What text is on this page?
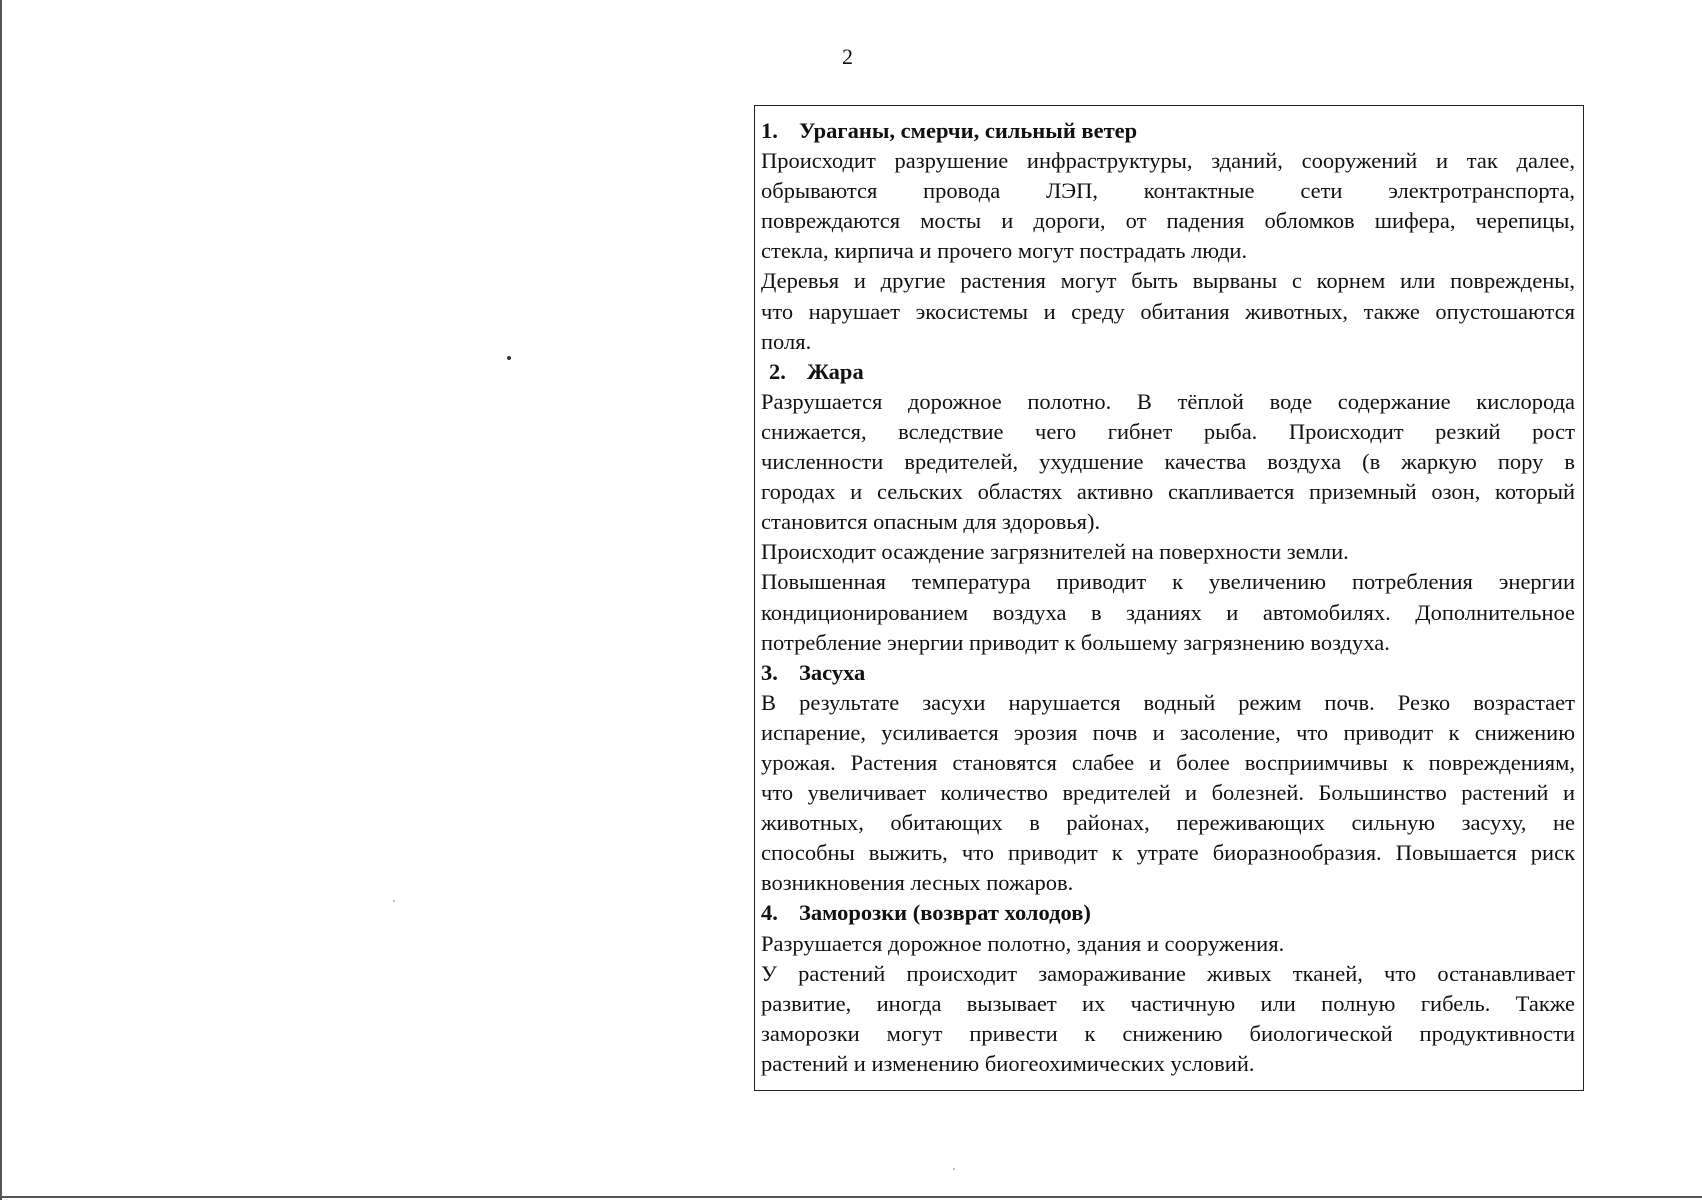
2
1. Ураганы, смерчи, сильный ветер
Происходит разрушение инфраструктуры, зданий, сооружений и так далее,
обрываются провода ЛЭП, контактные сети электротранспорта,
повреждаются мосты и дороги, от падения обломков шифера, черепицы,
стекла, кирпича и прочего могут пострадать люди.
Деревья и другие растения могут быть вырваны с корнем или повреждены,
что нарушает экосистемы и среду обитания животных, также опустошаются
поля.
2. Жара
Разрушается дорожное полотно. В тёплой воде содержание кислорода
снижается, вследствие чего гибнет рыба. Происходит резкий рост
численности вредителей, ухудшение качества воздуха (в жаркую пору в
городах и сельских областях активно скапливается приземный озон, который
становится опасным для здоровья).
Происходит осаждение загрязнителей на поверхности земли.
Повышенная температура приводит к увеличению потребления энергии
кондиционированием воздуха в зданиях и автомобилях. Дополнительное
потребление энергии приводит к большему загрязнению воздуха.
3. Засуха
В результате засухи нарушается водный режим почв. Резко возрастает
испарение, усиливается эрозия почв и засоление, что приводит к снижению
урожая. Растения становятся слабее и более восприимчивы к повреждениям,
что увеличивает количество вредителей и болезней. Большинство растений и
животных, обитающих в районах, переживающих сильную засуху, не
способны выжить, что приводит к утрате биоразнообразия. Повышается риск
возникновения лесных пожаров.
4. Заморозки (возврат холодов)
Разрушается дорожное полотно, здания и сооружения.
У растений происходит замораживание живых тканей, что останавливает
развитие, иногда вызывает их частичную или полную гибель. Также
заморозки могут привести к снижению биологической продуктивности
растений и изменению биогеохимических условий.
